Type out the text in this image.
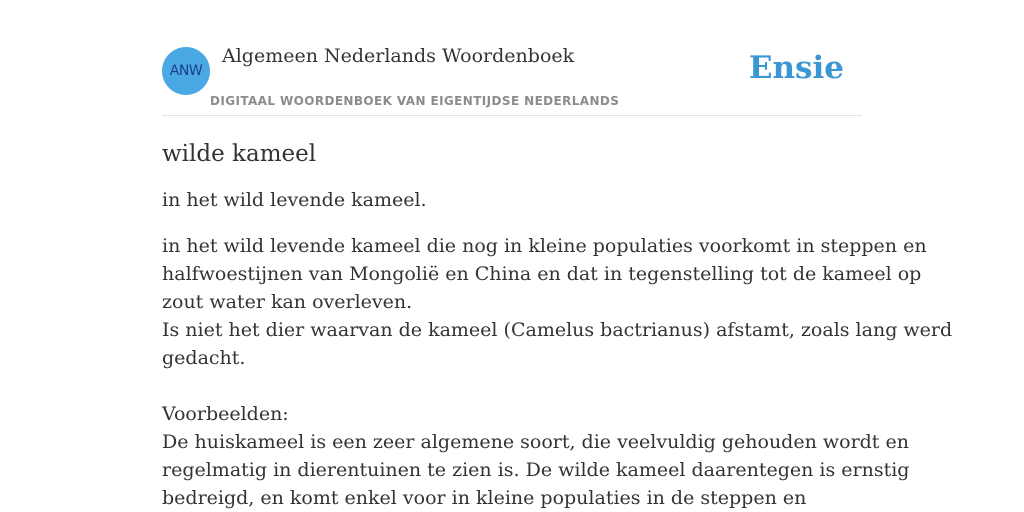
ANW
Algemeen Nederlands Woordenboek
DIGITAAL WOORDENBOEK VAN EIGENTIJDSE NEDERLANDS
Ensie
wilde kameel

in het wild levende kameel.

in het wild levende kameel die nog in kleine populaties voorkomt in steppen en
halfwoestijnen van Mongolië en China en dat in tegenstelling tot de kameel op
zout water kan overleven.
Is niet het dier waarvan de kameel (Camelus bactrianus) afstamt, zoals lang werd
gedacht.
Voorbeelden:
De huiskameel is een zeer algemene soort, die veelvuldig gehouden wordt en
regelmatig in dierentuinen te zien is. De wilde kameel daarentegen is ernstig
bedreigd, en komt enkel voor in kleine populaties in de steppen en
